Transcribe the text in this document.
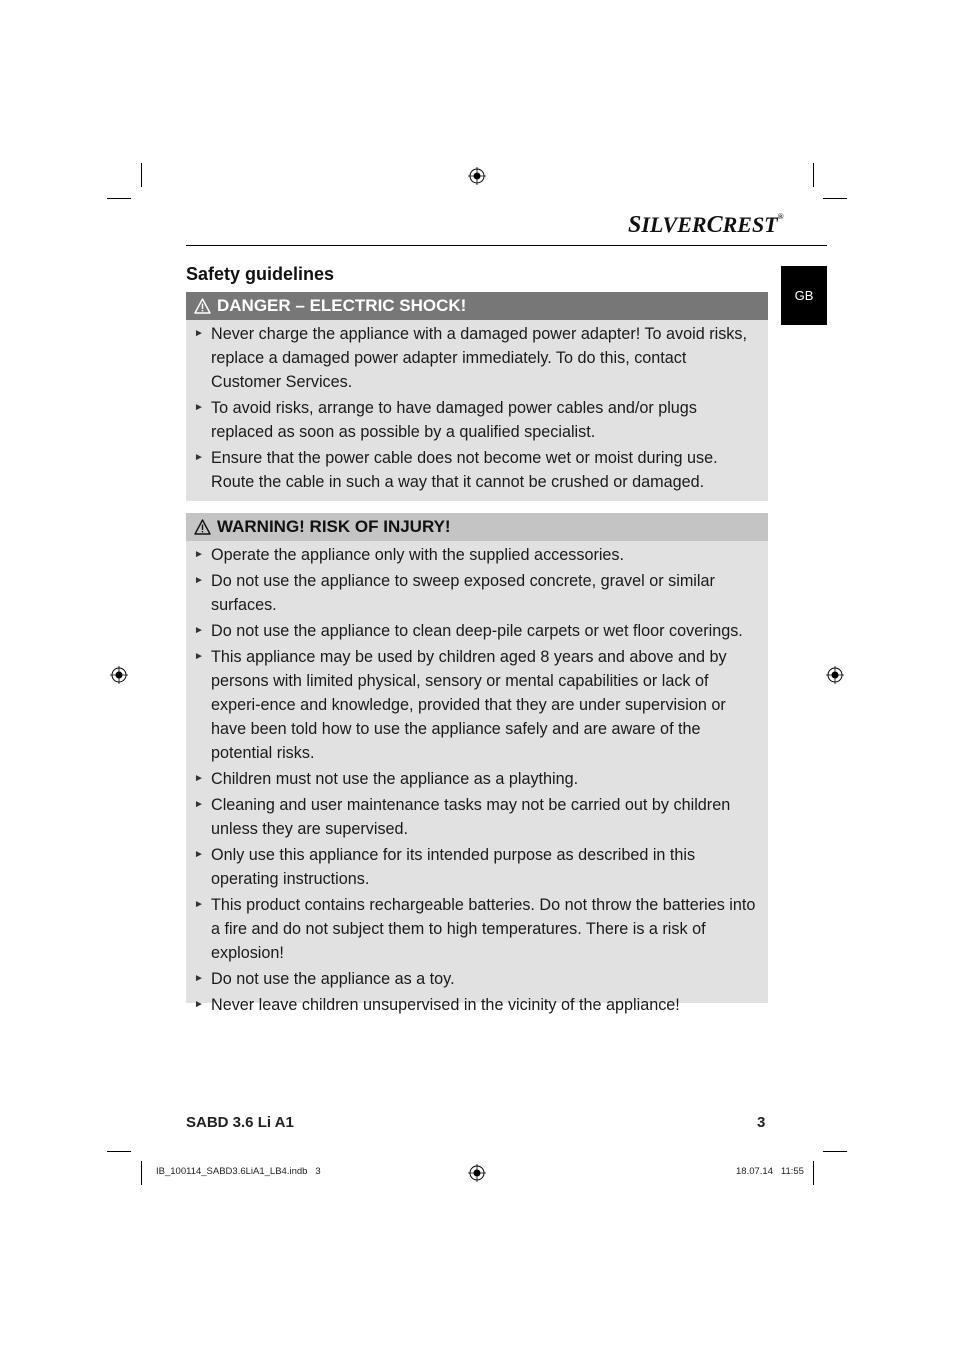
SILVERCREST®
GB
Safety guidelines
DANGER – ELECTRIC SHOCK!
► Never charge the appliance with a damaged power adapter! To avoid risks, replace a damaged power adapter immediately. To do this, contact Customer Services.
► To avoid risks, arrange to have damaged power cables and/or plugs replaced as soon as possible by a qualified specialist.
► Ensure that the power cable does not become wet or moist during use. Route the cable in such a way that it cannot be crushed or damaged.
WARNING! RISK OF INJURY!
► Operate the appliance only with the supplied accessories.
► Do not use the appliance to sweep exposed concrete, gravel or similar surfaces.
► Do not use the appliance to clean deep-pile carpets or wet floor coverings.
► This appliance may be used by children aged 8 years and above and by persons with limited physical, sensory or mental capabilities or lack of experi-ence and knowledge, provided that they are under supervision or have been told how to use the appliance safely and are aware of the potential risks.
► Children must not use the appliance as a plaything.
► Cleaning and user maintenance tasks may not be carried out by children unless they are supervised.
► Only use this appliance for its intended purpose as described in this operating instructions.
► This product contains rechargeable batteries. Do not throw the batteries into a fire and do not subject them to high temperatures. There is a risk of explosion!
► Do not use the appliance as a toy.
► Never leave children unsupervised in the vicinity of the appliance!
SABD 3.6 Li A1	3
IB_100114_SABD3.6LiA1_LB4.indb   3	18.07.14   11:55
